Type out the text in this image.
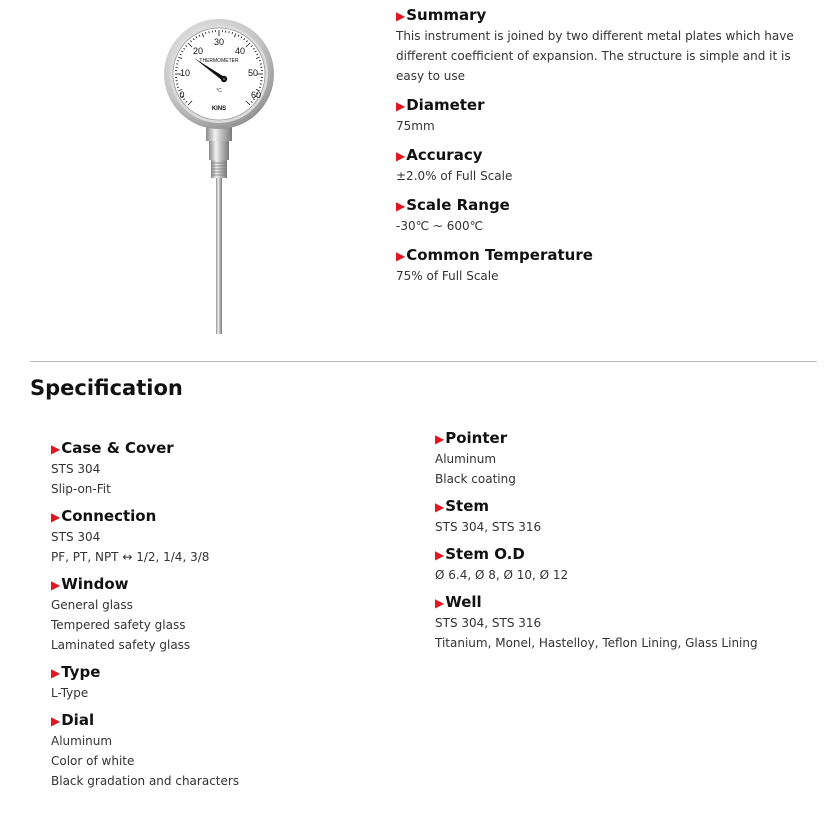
0
10
20
30
40
50
60
THERMOMETER
°C
KINS
▶Summary
This instrument is joined by two different metal plates which have
different coefficient of expansion. The structure is simple and it is
easy to use
▶Diameter
75mm
▶Accuracy
±2.0% of Full Scale
▶Scale Range
-30℃ ~ 600℃
▶Common Temperature
75% of Full Scale
Specification
▶Case & Cover
STS 304
Slip-on-Fit
▶Connection
STS 304
PF, PT, NPT ↔ 1/2, 1/4, 3/8
▶Window
General glass
Tempered safety glass
Laminated safety glass
▶Type
L-Type
▶Dial
Aluminum
Color of white
Black gradation and characters
▶Pointer
Aluminum
Black coating
▶Stem
STS 304, STS 316
▶Stem O.D
Ø 6.4, Ø 8, Ø 10, Ø 12
▶Well
STS 304, STS 316
Titanium, Monel, Hastelloy, Teflon Lining, Glass Lining
